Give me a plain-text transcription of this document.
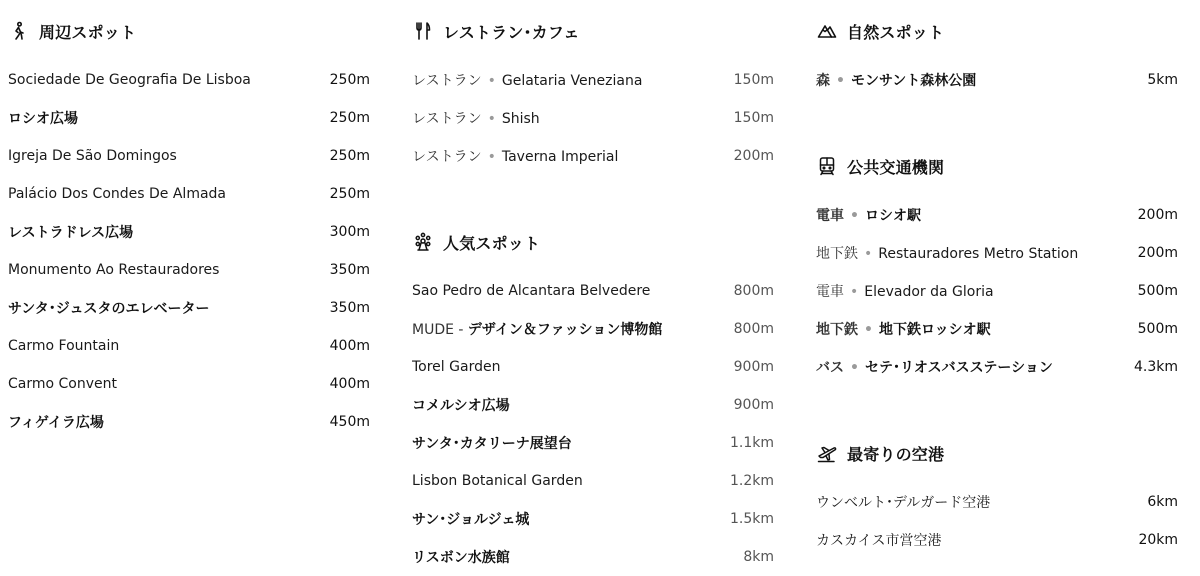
周辺スポット
Sociedade De Geografia De Lisboa	250m
ロシオ広場	250m
Igreja De São Domingos	250m
Palácio Dos Condes De Almada	250m
レストラドレス広場	300m
Monumento Ao Restauradores	350m
サンタ･ジュスタのエレベーター	350m
Carmo Fountain	400m
Carmo Convent	400m
フィゲイラ広場	450m
レストラン･カフェ
レストラン • Gelataria Veneziana	150m
レストラン • Shish	150m
レストラン • Taverna Imperial	200m
人気スポット
Sao Pedro de Alcantara Belvedere	800m
MUDE - デザイン＆ファッション博物館	800m
Torel Garden	900m
コメルシオ広場	900m
サンタ･カタリーナ展望台	1.1km
Lisbon Botanical Garden	1.2km
サン･ジョルジェ城	1.5km
リスボン水族館	8km
自然スポット
森 • モンサント森林公園	5km
公共交通機関
電車 • ロシオ駅	200m
地下鉄 • Restauradores Metro Station	200m
電車 • Elevador da Gloria	500m
地下鉄 • 地下鉄ロッシオ駅	500m
バス • セテ･リオスバスステーション	4.3km
最寄りの空港
ウンベルト･デルガード空港	6km
カスカイス市営空港	20km
